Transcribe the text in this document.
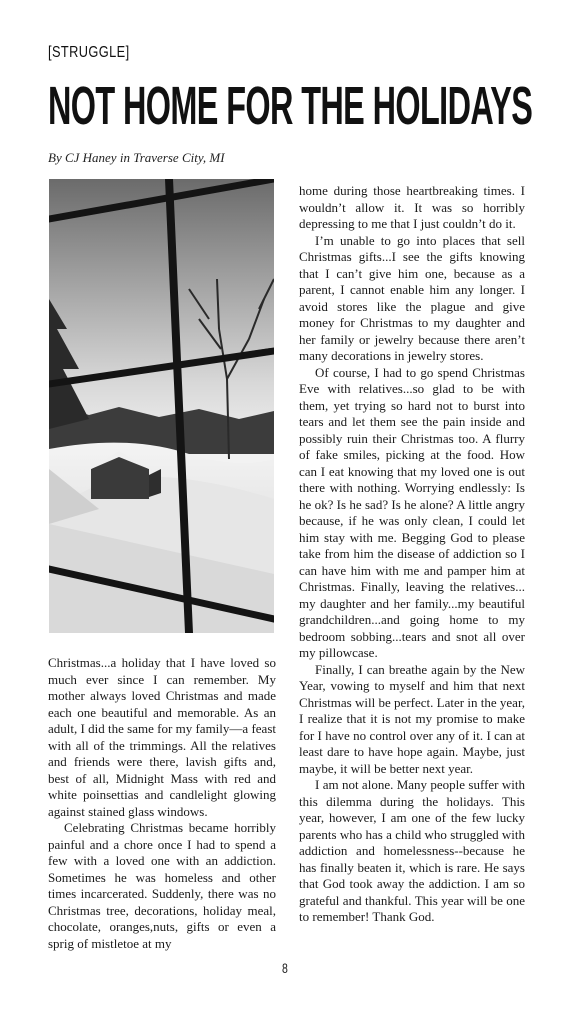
[STRUGGLE]
NOT HOME FOR THE HOLIDAYS
By CJ Haney in Traverse City, MI

Christmas...a holiday that I have loved so much ever since I can remember. My mother always loved Christmas and made each one beautiful and memorable. As an adult, I did the same for my family—a feast with all of the trimmings. All the relatives and friends were there, lavish gifts and, best of all, Midnight Mass with red and white poinsettias and candlelight glowing against stained glass windows.

Celebrating Christmas became horribly painful and a chore once I had to spend a few with a loved one with an addiction. Sometimes he was homeless and other times incarcerated. Suddenly, there was no Christmas tree, decorations, holiday meal, chocolate, oranges,nuts, gifts or even a sprig of mistletoe at my

home during those heartbreaking times. I wouldn’t allow it. It was so horribly depressing to me that I just couldn’t do it.

I’m unable to go into places that sell Christmas gifts...I see the gifts knowing that I can’t give him one, because as a parent, I cannot enable him any longer. I avoid stores like the plague and give money for Christmas to my daughter and her family or jewelry because there aren’t many decorations in jewelry stores.

Of course, I had to go spend Christmas Eve with relatives...so glad to be with them, yet trying so hard not to burst into tears and let them see the pain inside and possibly ruin their Christmas too. A flurry of fake smiles, picking at the food. How can I eat knowing that my loved one is out there with nothing. Worrying endlessly: Is he ok? Is he sad? Is he alone? A little angry because, if he was only clean, I could let him stay with me. Begging God to please take from him the disease of addiction so I can have him with me and pamper him at Christmas. Finally, leaving the relatives... my daughter and her family...my beautiful grandchildren...and going home to my bedroom sobbing...tears and snot all over my pillowcase.

Finally, I can breathe again by the New Year, vowing to myself and him that next Christmas will be perfect. Later in the year, I realize that it is not my promise to make for I have no control over any of it. I can at least dare to have hope again. Maybe, just maybe, it will be better next year.

I am not alone. Many people suffer with this dilemma during the holidays. This year, however, I am one of the few lucky parents who has a child who struggled with addiction and homelessness--because he has finally beaten it, which is rare. He says that God took away the addiction. I am so grateful and thankful. This year will be one to remember! Thank God.

8
